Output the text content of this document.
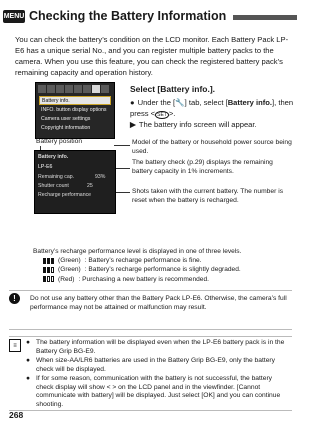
MENU Checking the Battery Information
You can check the battery’s condition on the LCD monitor. Each Battery Pack LP-E6 has a unique serial No., and you can register multiple battery packs to the camera. When you use this feature, you can check the registered battery pack’s remaining capacity and operation history.
Battery info.
INFO. button display options
Camera user settings
Copyright information
Select [Battery info.].
● Under the [🔧] tab, select [Battery info.], then press < SET >.
▶ The battery info screen will appear.
Battery position	Model of the battery or household power source being used.
The battery check (p.29) displays the remaining battery capacity in 1% increments.
Shots taken with the current battery. The number is reset when the battery is recharged.
Battery info.
LP-E6
Remaining cap.	93%
Shutter count	25
Recharge performance
Battery’s recharge performance level is displayed in one of three levels.
(Green) : Battery’s recharge performance is fine.
(Green) : Battery’s recharge performance is slightly degraded.
(Red) : Purchasing a new battery is recommended.
!	Do not use any battery other than the Battery Pack LP-E6. Otherwise, the camera’s full performance may not be attained or malfunction may result.
≡	● The battery information will be displayed even when the LP-E6 battery pack is in the Battery Grip BG-E9.
● When size-AA/LR6 batteries are used in the Battery Grip BG-E9, only the battery check will be displayed.
● If for some reason, communication with the battery is not successful, the battery check display will show < > on the LCD panel and in the viewfinder. [Cannot communicate with battery] will be displayed. Just select [OK] and you can continue shooting.
268
